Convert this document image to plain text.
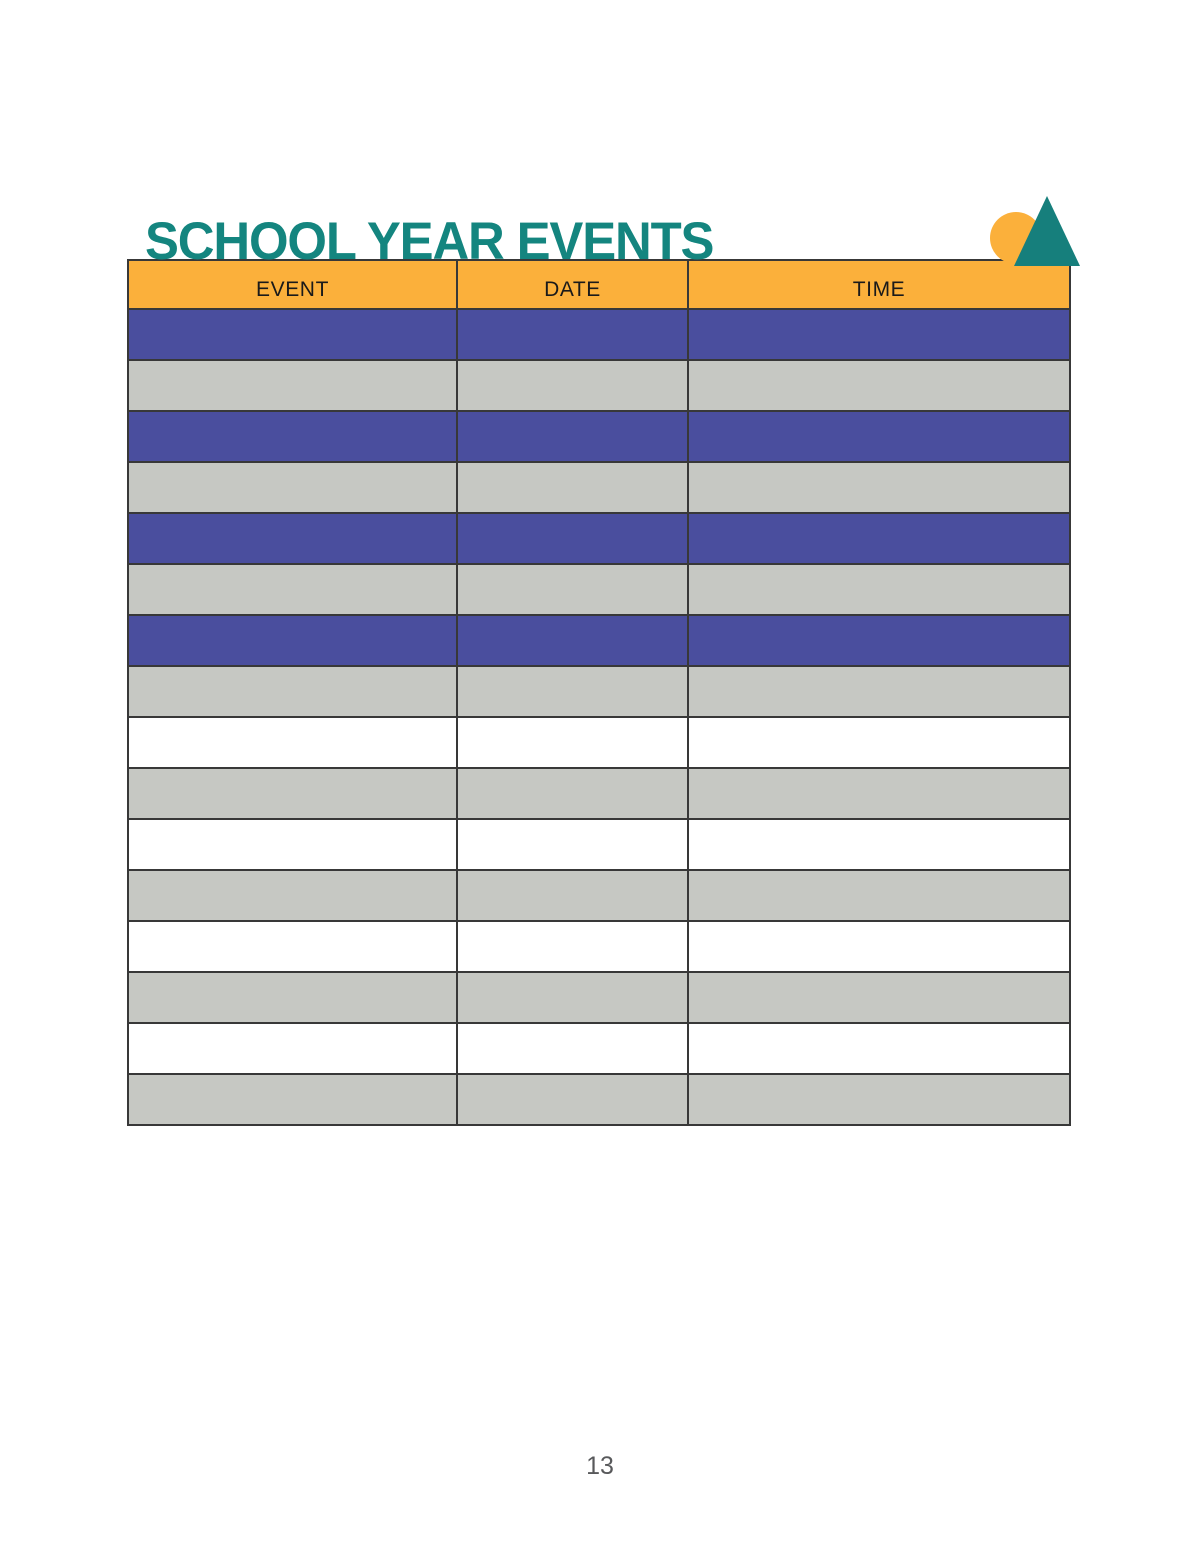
SCHOOL YEAR EVENTS
EVENT	DATE	TIME

13
